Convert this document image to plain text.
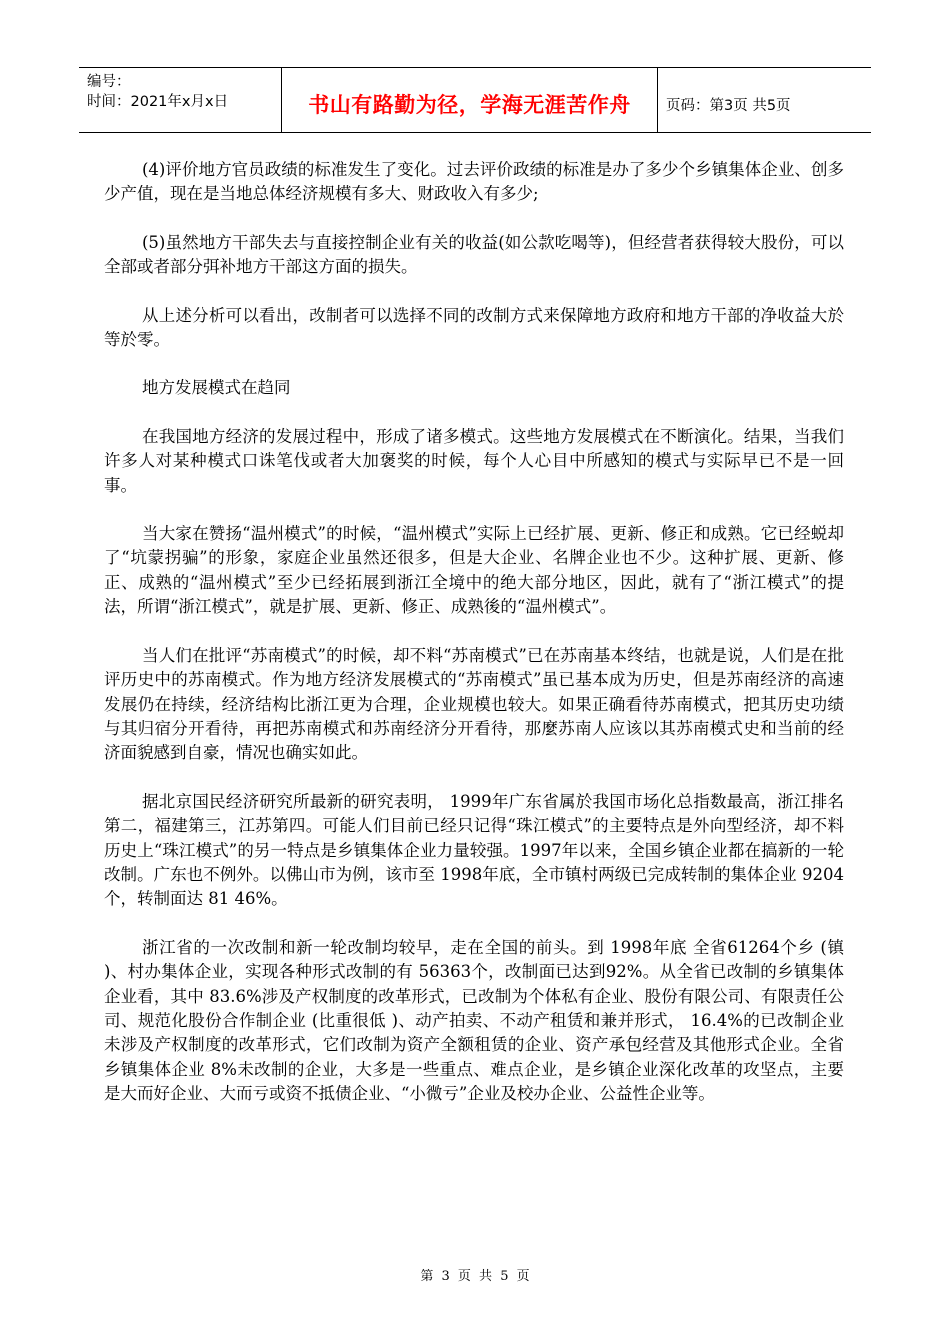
编号：
时间：2021年x月x日	书山有路勤为径，学海无涯苦作舟 页码：第3页 共5页

(4)评价地方官员政绩的标准发生了变化。过去评价政绩的标准是办了多少个乡镇集体企业、创多少产值，现在是当地总体经济规模有多大、财政收入有多少;

(5)虽然地方干部失去与直接控制企业有关的收益(如公款吃喝等)，但经营者获得较大股份，可以全部或者部分弭补地方干部这方面的损失。

从上述分析可以看出，改制者可以选择不同的改制方式来保障地方政府和地方干部的净收益大於等於零。

地方发展模式在趋同

在我国地方经济的发展过程中，形成了诸多模式。这些地方发展模式在不断演化。结果，当我们许多人对某种模式口诛笔伐或者大加褒奖的时候，每个人心目中所感知的模式与实际早已不是一回事。

当大家在赞扬“温州模式”的时候，“温州模式”实际上已经扩展、更新、修正和成熟。它已经蜕却了“坑蒙拐骗”的形象，家庭企业虽然还很多，但是大企业、名牌企业也不少。这种扩展、更新、修正、成熟的“温州模式”至少已经拓展到浙江全境中的绝大部分地区，因此，就有了“浙江模式”的提法，所谓“浙江模式”，就是扩展、更新、修正、成熟後的“温州模式”。

当人们在批评“苏南模式”的时候，却不料“苏南模式”已在苏南基本终结，也就是说，人们是在批评历史中的苏南模式。作为地方经济发展模式的“苏南模式”虽已基本成为历史，但是苏南经济的高速发展仍在持续，经济结构比浙江更为合理，企业规模也较大。如果正确看待苏南模式，把其历史功绩与其归宿分开看待，再把苏南模式和苏南经济分开看待，那麼苏南人应该以其苏南模式史和当前的经济面貌感到自豪，情况也确实如此。

据北京国民经济研究所最新的研究表明， 1999年广东省属於我国市场化总指数最高，浙江排名第二，福建第三，江苏第四。可能人们目前已经只记得“珠江模式”的主要特点是外向型经济，却不料历史上“珠江模式”的另一特点是乡镇集体企业力量较强。1997年以来，全国乡镇企业都在搞新的一轮改制。广东也不例外。以佛山市为例，该市至 1998年底，全市镇村两级已完成转制的集体企业 9204个，转制面达 81 46%。

浙江省的一次改制和新一轮改制均较早，走在全国的前头。到 1998年底 全省61264个乡 (镇 )、村办集体企业，实现各种形式改制的有 56363个，改制面已达到92%。从全省已改制的乡镇集体企业看，其中 83.6%涉及产权制度的改革形式，已改制为个体私有企业、股份有限公司、有限责任公司、规范化股份合作制企业 (比重很低 )、动产拍卖、不动产租赁和兼并形式， 16.4%的已改制企业未涉及产权制度的改革形式，它们改制为资产全额租赁的企业、资产承包经营及其他形式企业。全省乡镇集体企业 8%未改制的企业，大多是一些重点、难点企业，是乡镇企业深化改革的攻坚点，主要是大而好企业、大而亏或资不抵债企业、“小微亏”企业及校办企业、公益性企业等。

第 3 页 共 5 页
